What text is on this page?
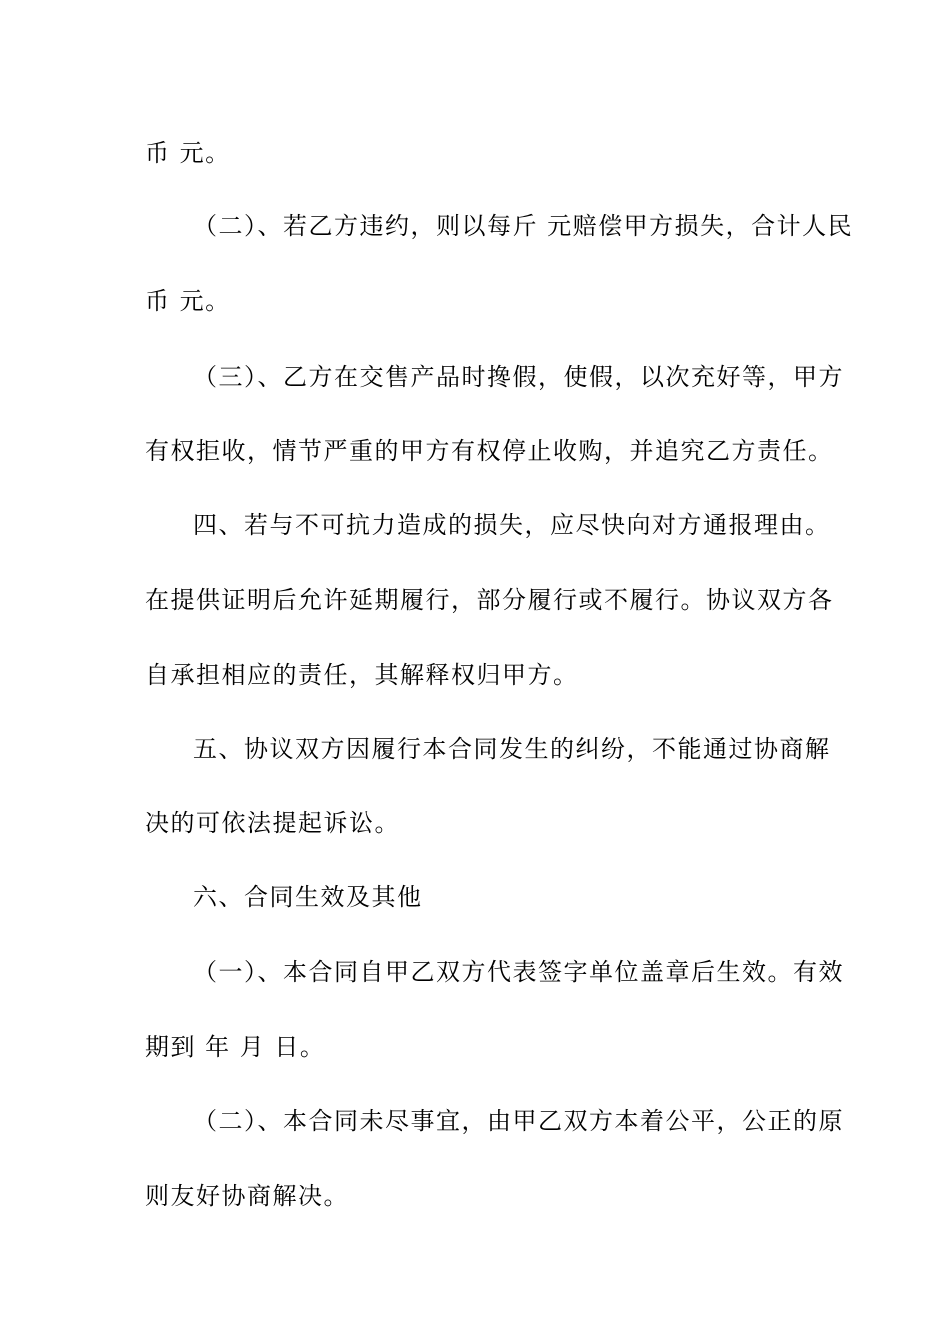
币 元。
（二）、若乙方违约，则以每斤 元赔偿甲方损失，合计人民
币 元。
（三）、乙方在交售产品时搀假，使假，以次充好等，甲方
有权拒收，情节严重的甲方有权停止收购，并追究乙方责任。
四、若与不可抗力造成的损失，应尽快向对方通报理由。
在提供证明后允许延期履行，部分履行或不履行。协议双方各
自承担相应的责任，其解释权归甲方。
五、协议双方因履行本合同发生的纠纷，不能通过协商解
决的可依法提起诉讼。
六、合同生效及其他
（一）、本合同自甲乙双方代表签字单位盖章后生效。有效
期到 年 月 日。
（二）、本合同未尽事宜，由甲乙双方本着公平，公正的原
则友好协商解决。
